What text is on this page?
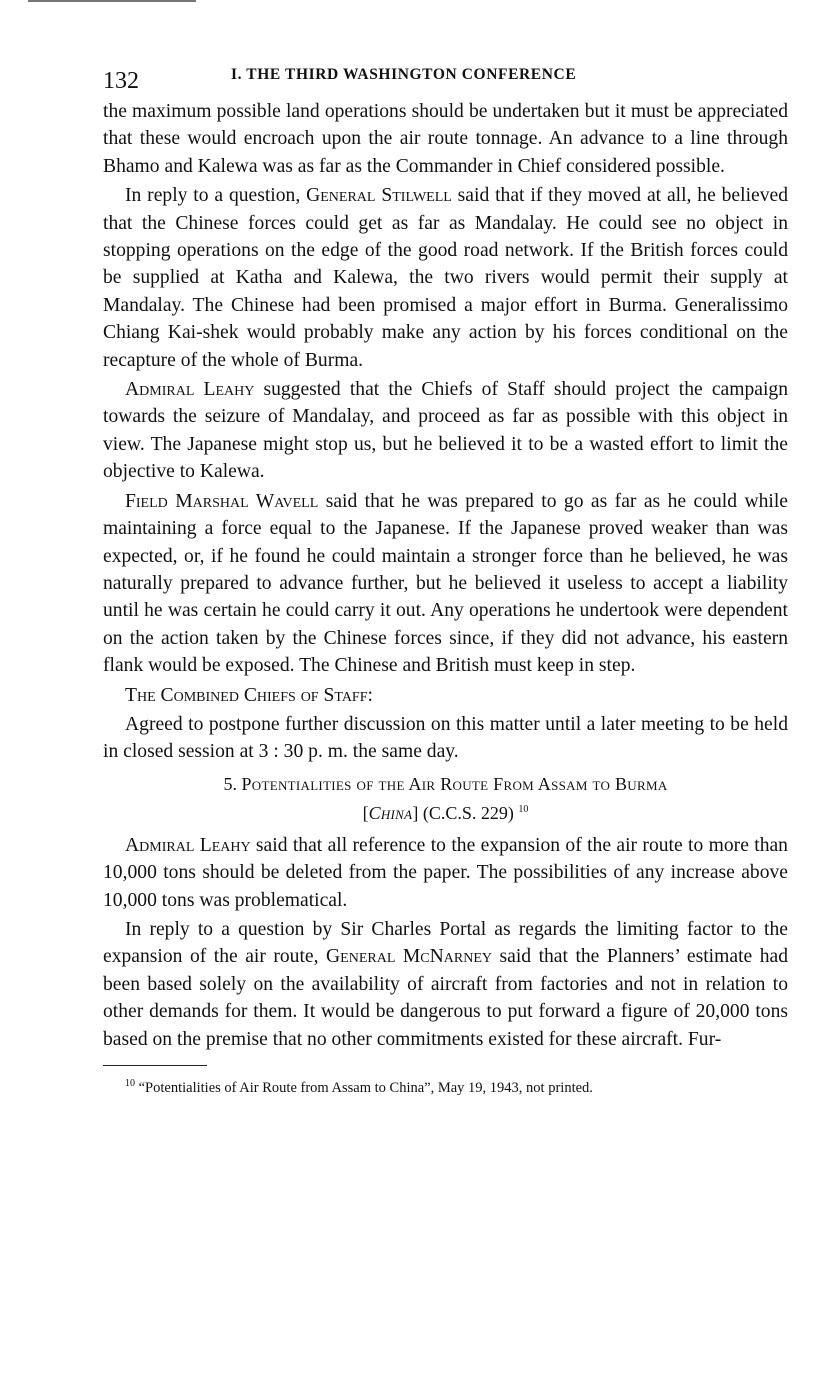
132	I. THE THIRD WASHINGTON CONFERENCE

the maximum possible land operations should be undertaken but it must be appreciated that these would encroach upon the air route tonnage. An advance to a line through Bhamo and Kalewa was as far as the Commander in Chief considered possible.

In reply to a question, General Stilwell said that if they moved at all, he believed that the Chinese forces could get as far as Mandalay. He could see no object in stopping operations on the edge of the good road network. If the British forces could be supplied at Katha and Kalewa, the two rivers would permit their supply at Mandalay. The Chinese had been promised a major effort in Burma. Generalissimo Chiang Kai-shek would probably make any action by his forces conditional on the recapture of the whole of Burma.

Admiral Leahy suggested that the Chiefs of Staff should project the campaign towards the seizure of Mandalay, and proceed as far as possible with this object in view. The Japanese might stop us, but he believed it to be a wasted effort to limit the objective to Kalewa.

Field Marshal Wavell said that he was prepared to go as far as he could while maintaining a force equal to the Japanese. If the Japanese proved weaker than was expected, or, if he found he could maintain a stronger force than he believed, he was naturally prepared to advance further, but he believed it useless to accept a liability until he was certain he could carry it out. Any operations he undertook were dependent on the action taken by the Chinese forces since, if they did not advance, his eastern flank would be exposed. The Chinese and British must keep in step.

The Combined Chiefs of Staff:

Agreed to postpone further discussion on this matter until a later meeting to be held in closed session at 3 : 30 p. m. the same day.

5. Potentialities of the Air Route From Assam to Burma
[China] (C.C.S. 229) $^{10}$

Admiral Leahy said that all reference to the expansion of the air route to more than 10,000 tons should be deleted from the paper. The possibilities of any increase above 10,000 tons was problematical.

In reply to a question by Sir Charles Portal as regards the limiting factor to the expansion of the air route, General McNarney said that the Planners’ estimate had been based solely on the availability of aircraft from factories and not in relation to other demands for them. It would be dangerous to put forward a figure of 20,000 tons based on the premise that no other commitments existed for these aircraft. Fur-

$^{10}$ “Potentialities of Air Route from Assam to China”, May 19, 1943, not printed.
